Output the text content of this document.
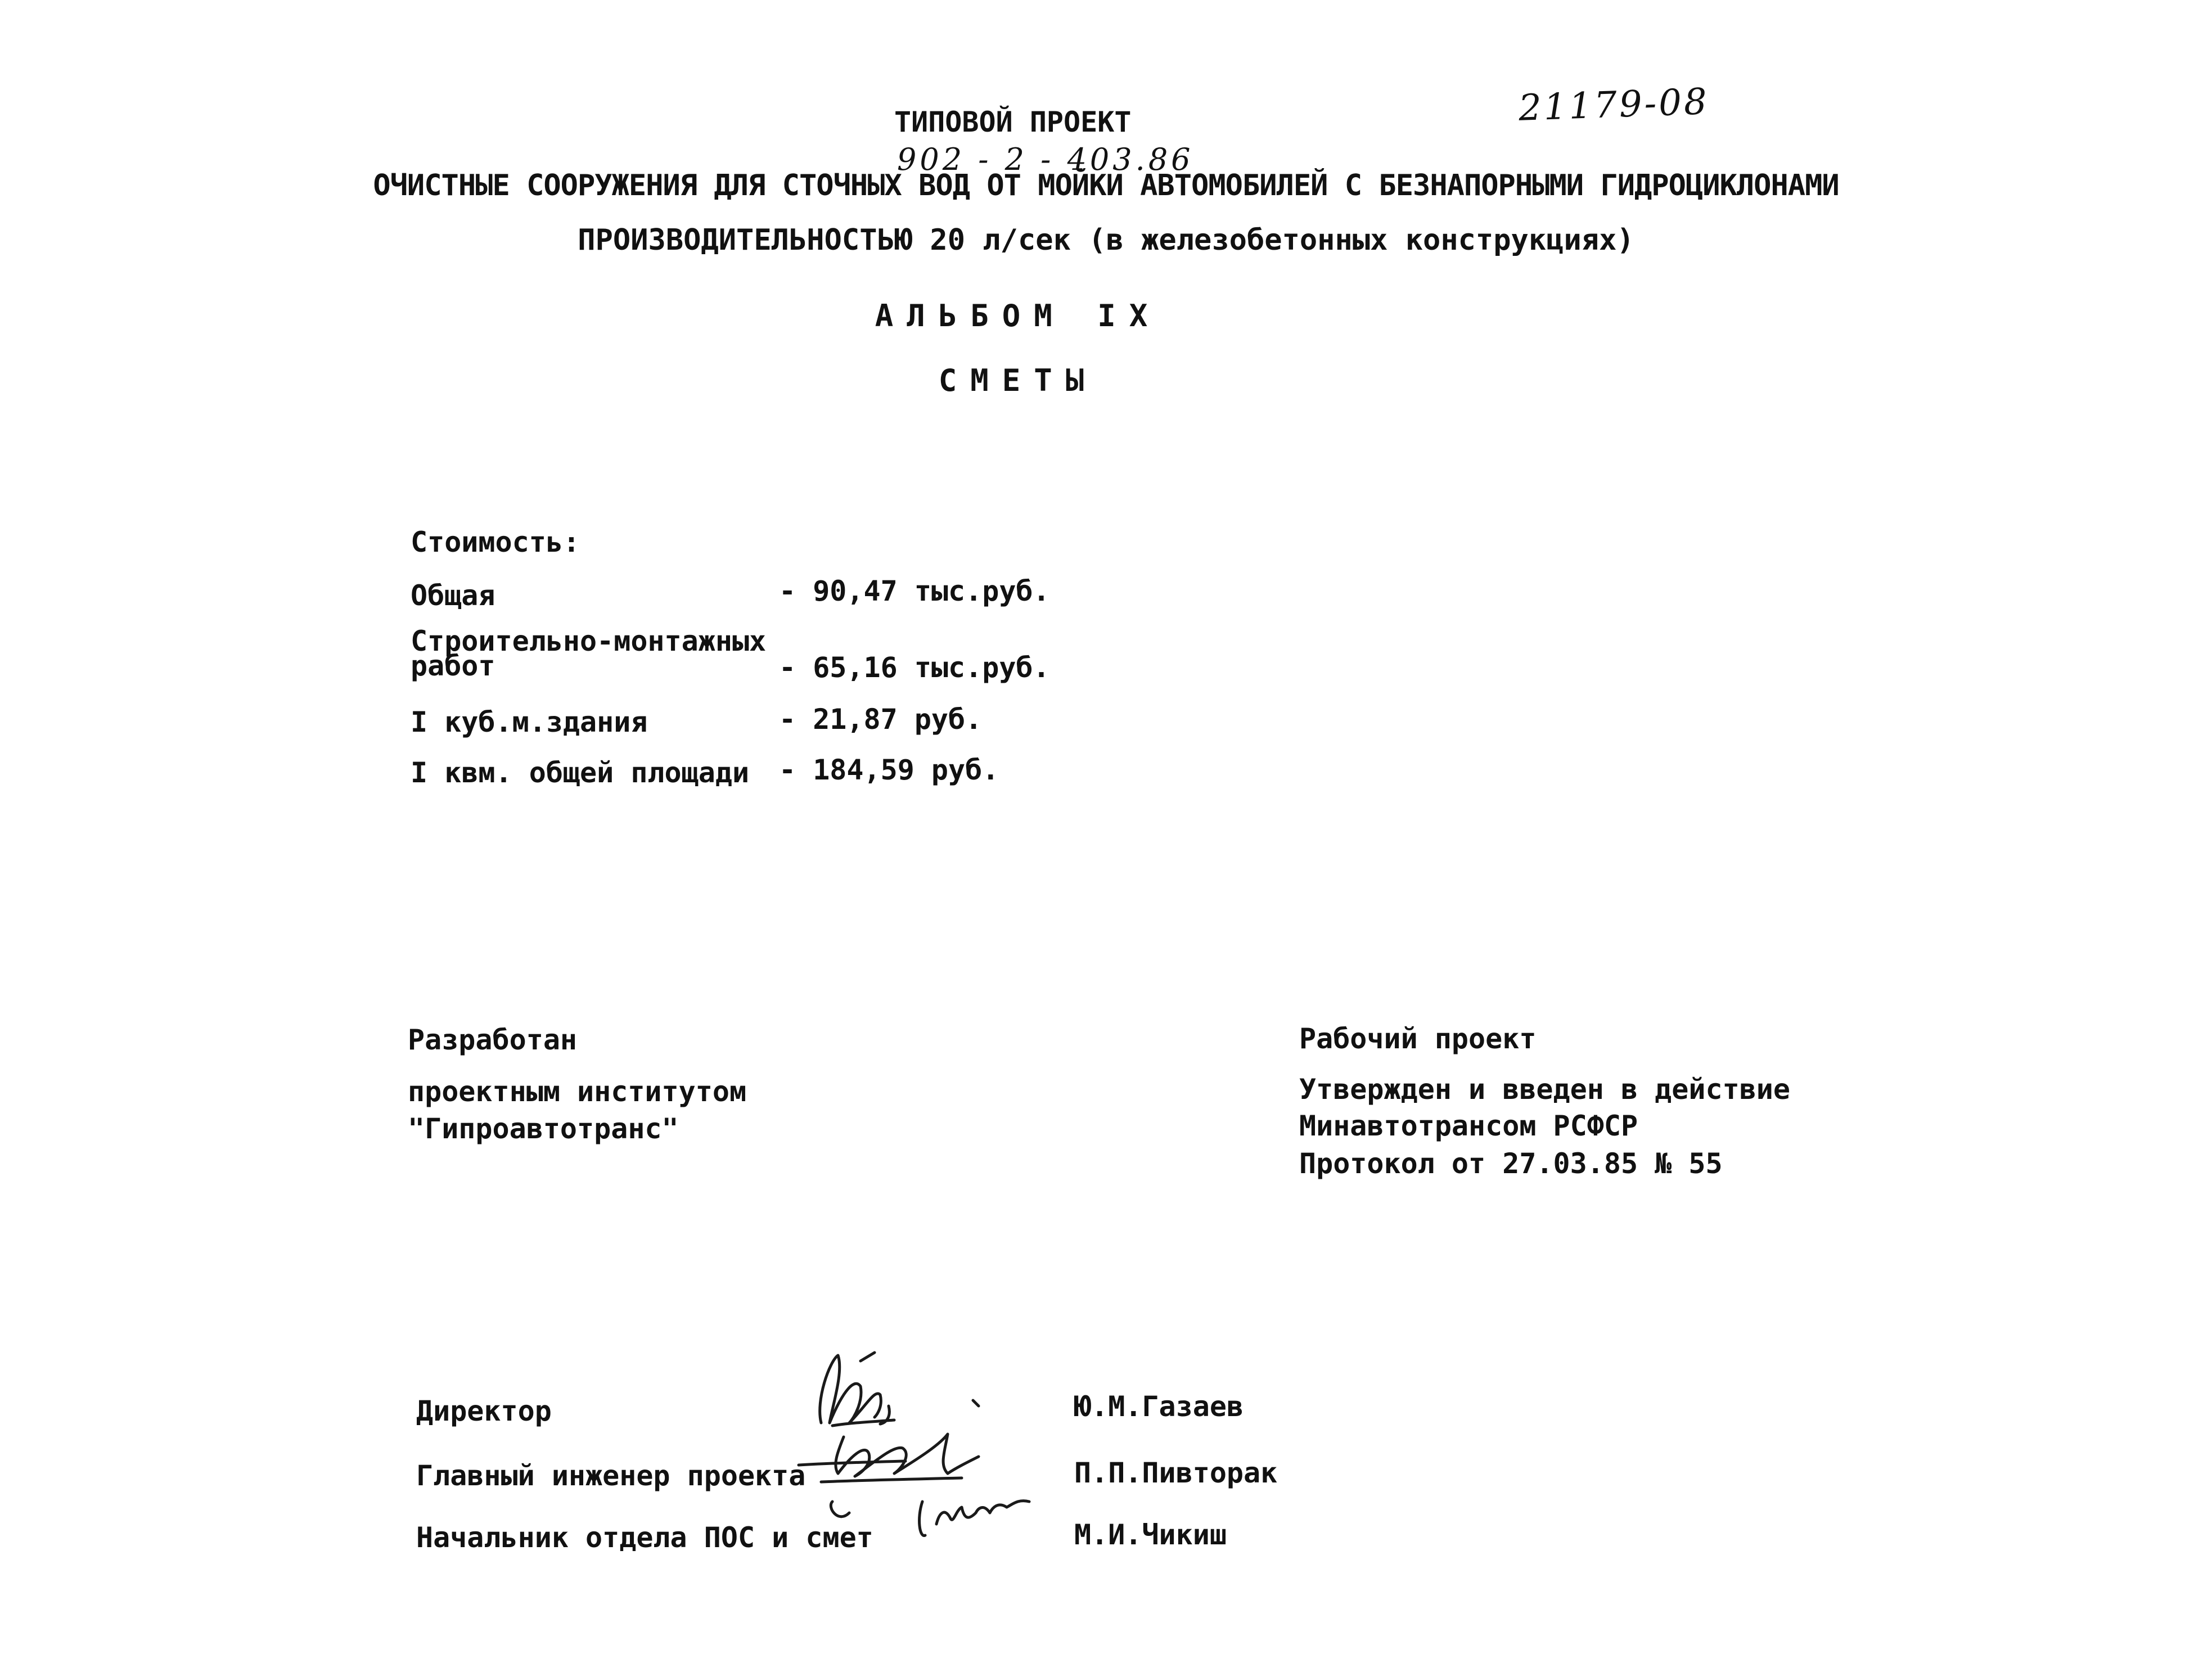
21179-08
ТИПОВОЙ ПРОЕКТ
902 - 2 - 403.86
ОЧИСТНЫЕ СООРУЖЕНИЯ ДЛЯ СТОЧНЫХ ВОД ОТ МОЙКИ АВТОМОБИЛЕЙ С БЕЗНАПОРНЫМИ ГИДРОЦИКЛОНАМИ
ПРОИЗВОДИТЕЛЬНОСТЬЮ 20 л/сек (в железобетонных конструкциях)
АЛЬБОМ IX
СМЕТЫ
Стоимость:
Общая	- 90,47 тыс.руб.
Строительно-монтажных работ	- 65,16 тыс.руб.
I куб.м.здания	- 21,87 руб.
I квм. общей площади - 184,59 руб.
Разработан
проектным институтом
"Гипроавтотранс"
Рабочий проект
Утвержден и введен в действие
Минавтотрансом РСФСР
Протокол от 27.03.85 № 55
Директор	Ю.М.Газаев
Главный инженер проекта	П.П.Пивторак
Начальник отдела ПОС и смет	М.И.Чикиш
